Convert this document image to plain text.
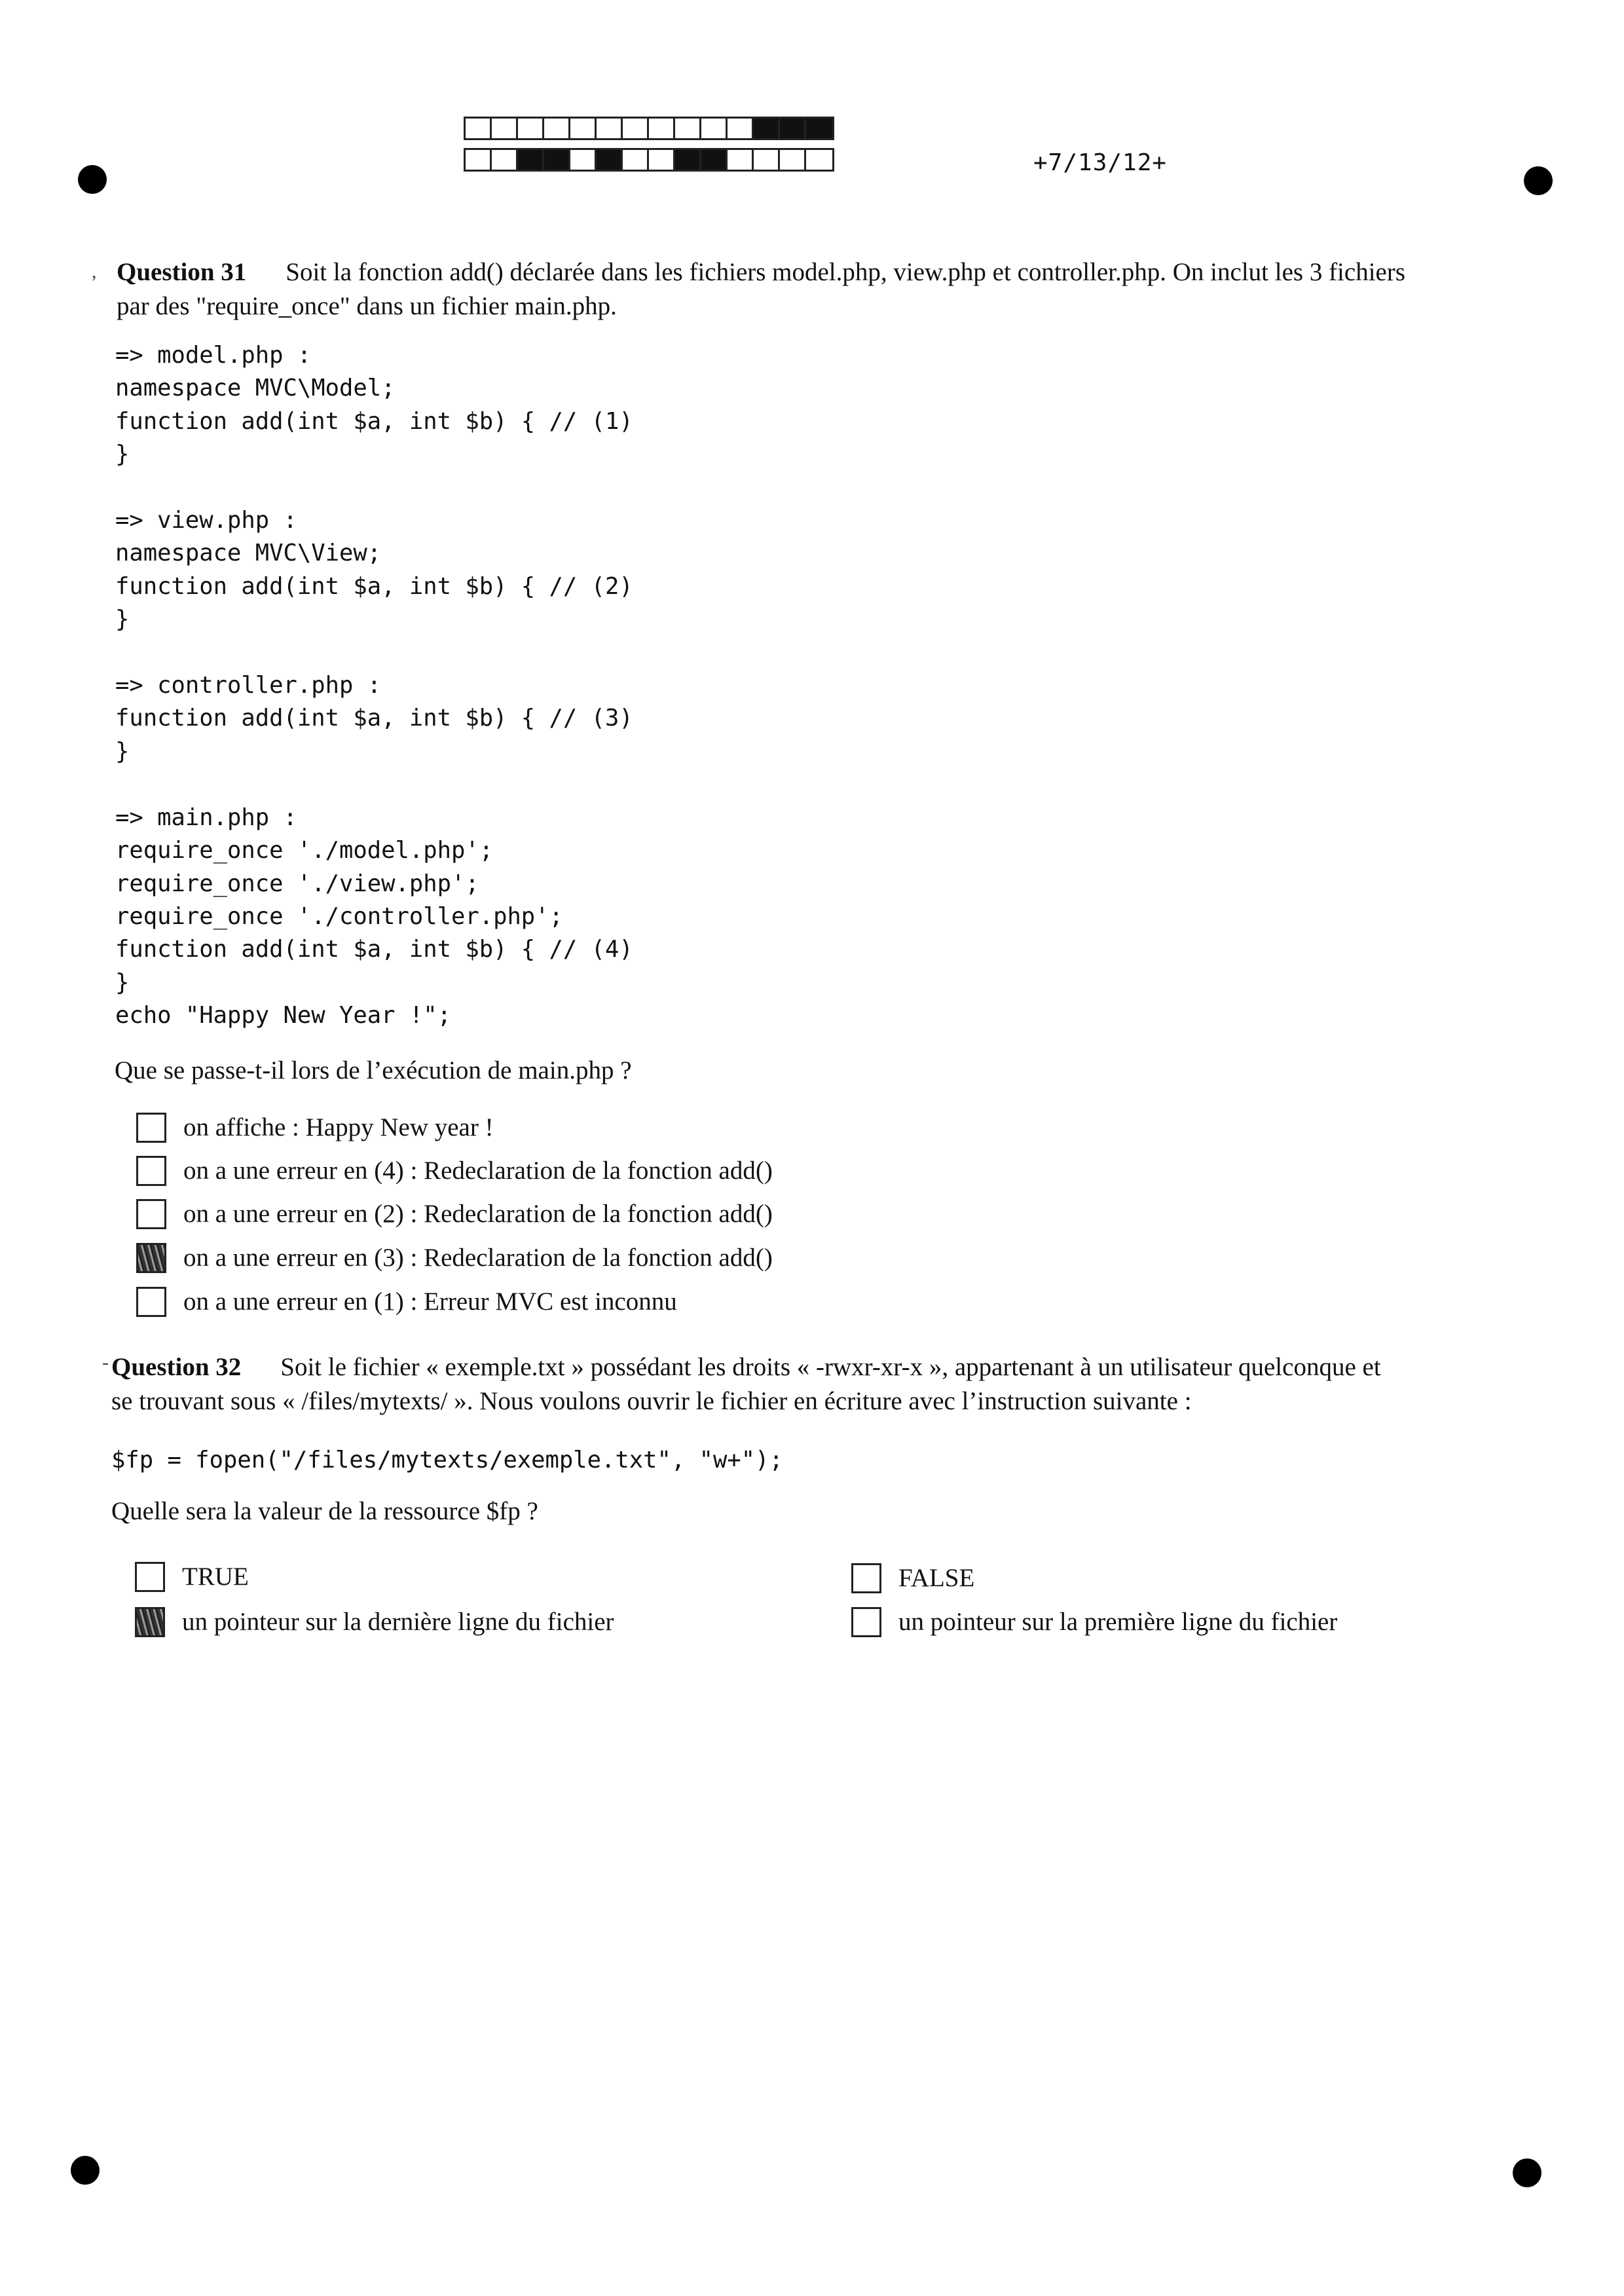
+7/13/12+
, Question 31 Soit la fonction add() déclarée dans les fichiers model.php, view.php et controller.php. On inclut les 3 fichiers
par des "require_once" dans un fichier main.php.
=> model.php :
namespace MVC\Model;
function add(int $a, int $b) { // (1)
}

=> view.php :
namespace MVC\View;
function add(int $a, int $b) { // (2)
}

=> controller.php :
function add(int $a, int $b) { // (3)
}

=> main.php :
require_once './model.php';
require_once './view.php';
require_once './controller.php';
function add(int $a, int $b) { // (4)
}
echo "Happy New Year !";
Que se passe-t-il lors de l’exécution de main.php ?
on affiche : Happy New year !
on a une erreur en (4) : Redeclaration de la fonction add()
on a une erreur en (2) : Redeclaration de la fonction add()
on a une erreur en (3) : Redeclaration de la fonction add()
on a une erreur en (1) : Erreur MVC est inconnu
- Question 32 Soit le fichier « exemple.txt » possédant les droits « -rwxr-xr-x », appartenant à un utilisateur quelconque et
se trouvant sous « /files/mytexts/ ». Nous voulons ouvrir le fichier en écriture avec l’instruction suivante :
$fp = fopen("/files/mytexts/exemple.txt", "w+");
Quelle sera la valeur de la ressource $fp ?
TRUE	FALSE
un pointeur sur la dernière ligne du fichier	un pointeur sur la première ligne du fichier
